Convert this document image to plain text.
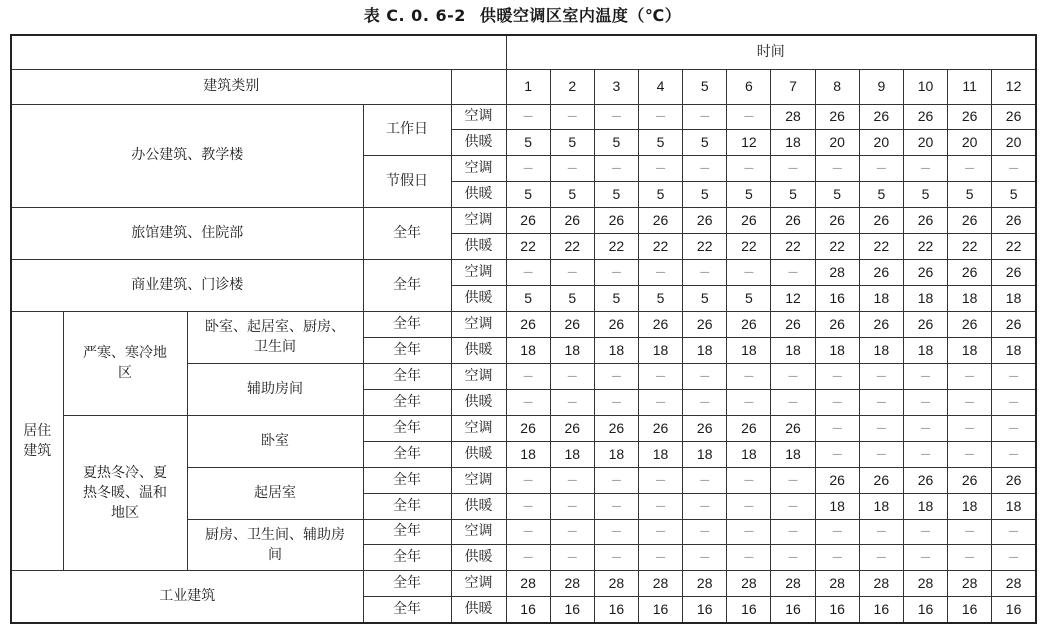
表 C. 0. 6-2 供暖空调区室内温度（℃）
					时间											
建筑类别					1	2	3	4	5	6	7	8	9	10	11	12
办公建筑、教学楼			工作日	空调	—	—	—	—	—	—	28	26	26	26	26	26
				供暖	5	5	5	5	5	12	18	20	20	20	20	20
			节假日	空调	—	—	—	—	—	—	—	—	—	—	—	—
				供暖	5	5	5	5	5	5	5	5	5	5	5	5
旅馆建筑、住院部			全年	空调	26	26	26	26	26	26	26	26	26	26	26	26
				供暖	22	22	22	22	22	22	22	22	22	22	22	22
商业建筑、门诊楼			全年	空调	—	—	—	—	—	—	—	28	26	26	26	26
				供暖	5	5	5	5	5	5	12	16	18	18	18	18
居住建筑	严寒、寒冷地区	卧室、起居室、厨房、卫生间	全年	空调	26	26	26	26	26	26	26	26	26	26	26	26
			全年	供暖	18	18	18	18	18	18	18	18	18	18	18	18
		辅助房间	全年	空调	—	—	—	—	—	—	—	—	—	—	—	—
			全年	供暖	—	—	—	—	—	—	—	—	—	—	—	—
	夏热冬冷、夏热冬暖、温和地区	卧室	全年	空调	26	26	26	26	26	26	26	—	—	—	—	—
			全年	供暖	18	18	18	18	18	18	18	—	—	—	—	—
		起居室	全年	空调	—	—	—	—	—	—	—	26	26	26	26	26
			全年	供暖	—	—	—	—	—	—	—	18	18	18	18	18
		厨房、卫生间、辅助房间	全年	空调	—	—	—	—	—	—	—	—	—	—	—	—
			全年	供暖	—	—	—	—	—	—	—	—	—	—	—	—
工业建筑			全年	空调	28	28	28	28	28	28	28	28	28	28	28	28
			全年	供暖	16	16	16	16	16	16	16	16	16	16	16	16
